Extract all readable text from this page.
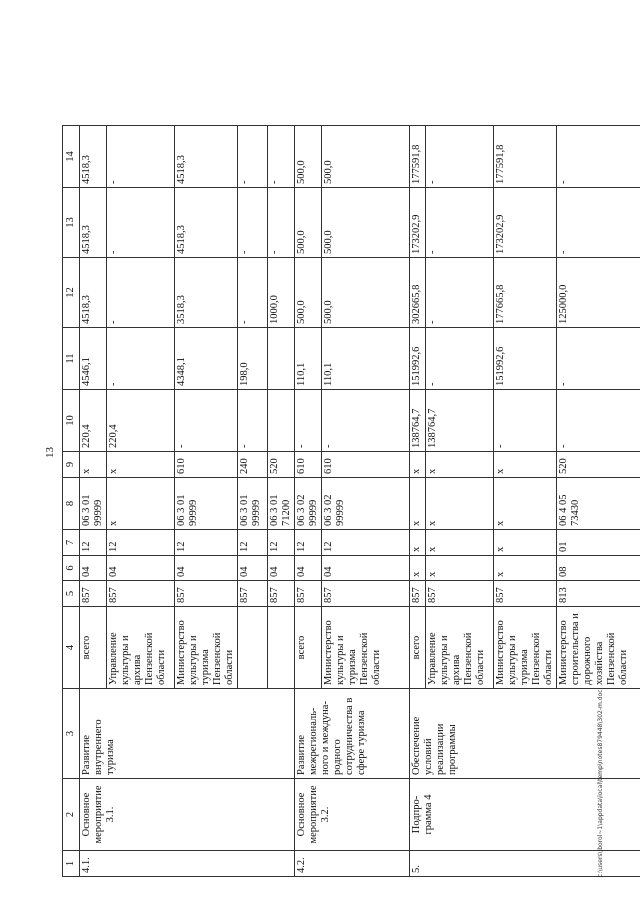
13
1	2	3	4	5	6	7	8	9	10	11	12	13	14
4.1.	Основное мероприятие 3.1.	Развитие внутреннего туризма	всего	857	04	12	06 3 01 99999	х	220,4	4546,1	4518,3	4518,3	4518,3
			Управление культуры и архива Пензенской области	857	04	12	х	х	220,4	-	-	-	-
			Министерство культуры и туризма Пензенской области	857	04	12	06 3 01 99999	610	-	4348,1	3518,3	4518,3	4518,3
				857	04	12	06 3 01 99999	240	-	198,0	-	-	-
				857	04	12	06 3 01 71200	520			1000,0	-	-
4.2.	Основное мероприятие 3.2.	Развитие межрегиональ-ного и междуна-родного сотрудничества в сфере туризма	всего	857	04	12	06 3 02 99999	610	-	110,1	500,0	500,0	500,0
			Министерство культуры и туризма Пензенской области	857	04	12	06 3 02 99999	610	-	110,1	500,0	500,0	500,0
5.	Подпро-грамма 4	Обеспечение условий реализации программы	всего	857	х	х	х	х	138764,7	151992,6	302665,8	173202,9	177591,8
			Управление культуры и архива Пензенской области	857	х	х	х	х	138764,7	-	-	-	-
			Министерство культуры и туризма Пензенской области	857	х	х	х	х	-	151992,6	177665,8	173202,9	177591,8
			Министерство строительства и дорожного хозяйства Пензенской области	813	08	01	06 4 05 73430	520	-	-	125000,0	-	-
c:\users\iborol~1\appdata\local\temp\notes879448\302-m.doc
